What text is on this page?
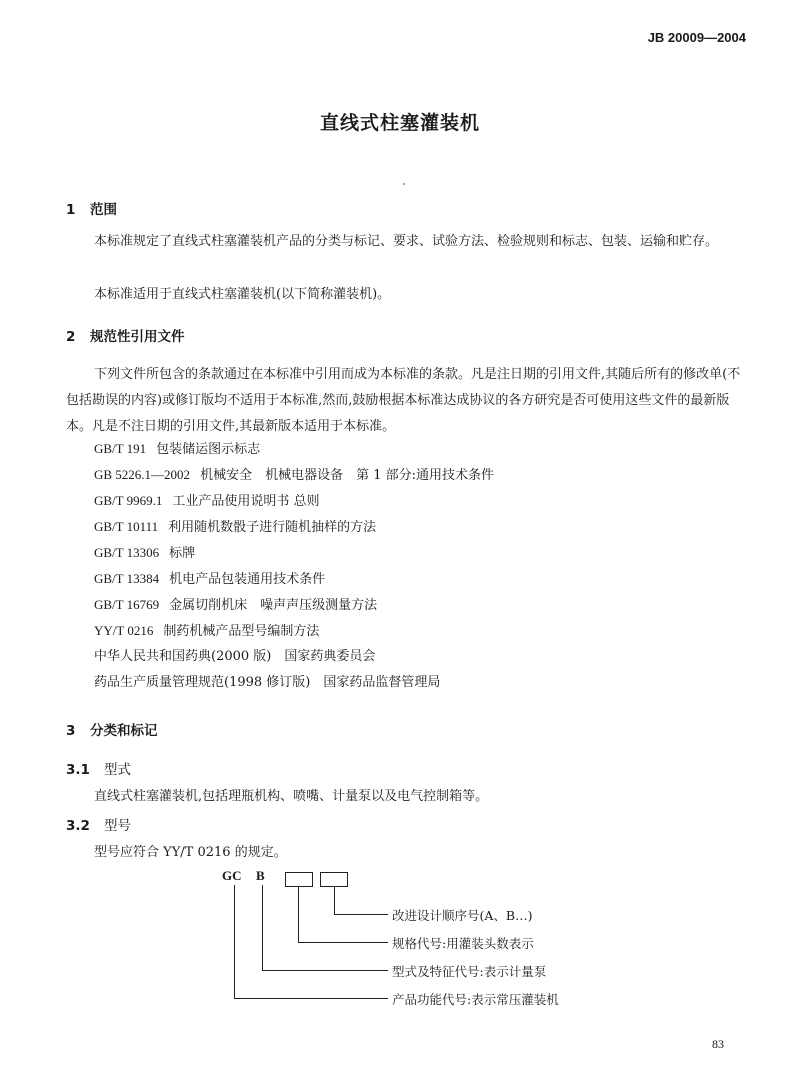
JB 20009—2004
直线式柱塞灌装机
1 范围
本标准规定了直线式柱塞灌装机产品的分类与标记、要求、试验方法、检验规则和标志、包装、运输和贮存。
本标准适用于直线式柱塞灌装机(以下简称灌装机)。
2 规范性引用文件
下列文件所包含的条款通过在本标准中引用而成为本标准的条款。凡是注日期的引用文件,其随后所有的修改单(不包括勘误的内容)或修订版均不适用于本标准,然而,鼓励根据本标准达成协议的各方研究是否可使用这些文件的最新版本。凡是不注日期的引用文件,其最新版本适用于本标准。
GB/T 191 包装储运图示标志
GB 5226.1—2002 机械安全　机械电器设备　第 1 部分:通用技术条件
GB/T 9969.1 工业产品使用说明书 总则
GB/T 10111 利用随机数骰子进行随机抽样的方法
GB/T 13306 标牌
GB/T 13384 机电产品包装通用技术条件
GB/T 16769 金属切削机床　噪声声压级测量方法
YY/T 0216 制药机械产品型号编制方法
中华人民共和国药典(2000 版)　国家药典委员会
药品生产质量管理规范(1998 修订版)　国家药品监督管理局
3 分类和标记
3.1 型式
直线式柱塞灌装机,包括理瓶机构、喷嘴、计量泵以及电气控制箱等。
3.2 型号
型号应符合 YY/T 0216 的规定。
GC B
改进设计顺序号(A、B…)
规格代号:用灌装头数表示
型式及特征代号:表示计量泵
产品功能代号:表示常压灌装机
83
